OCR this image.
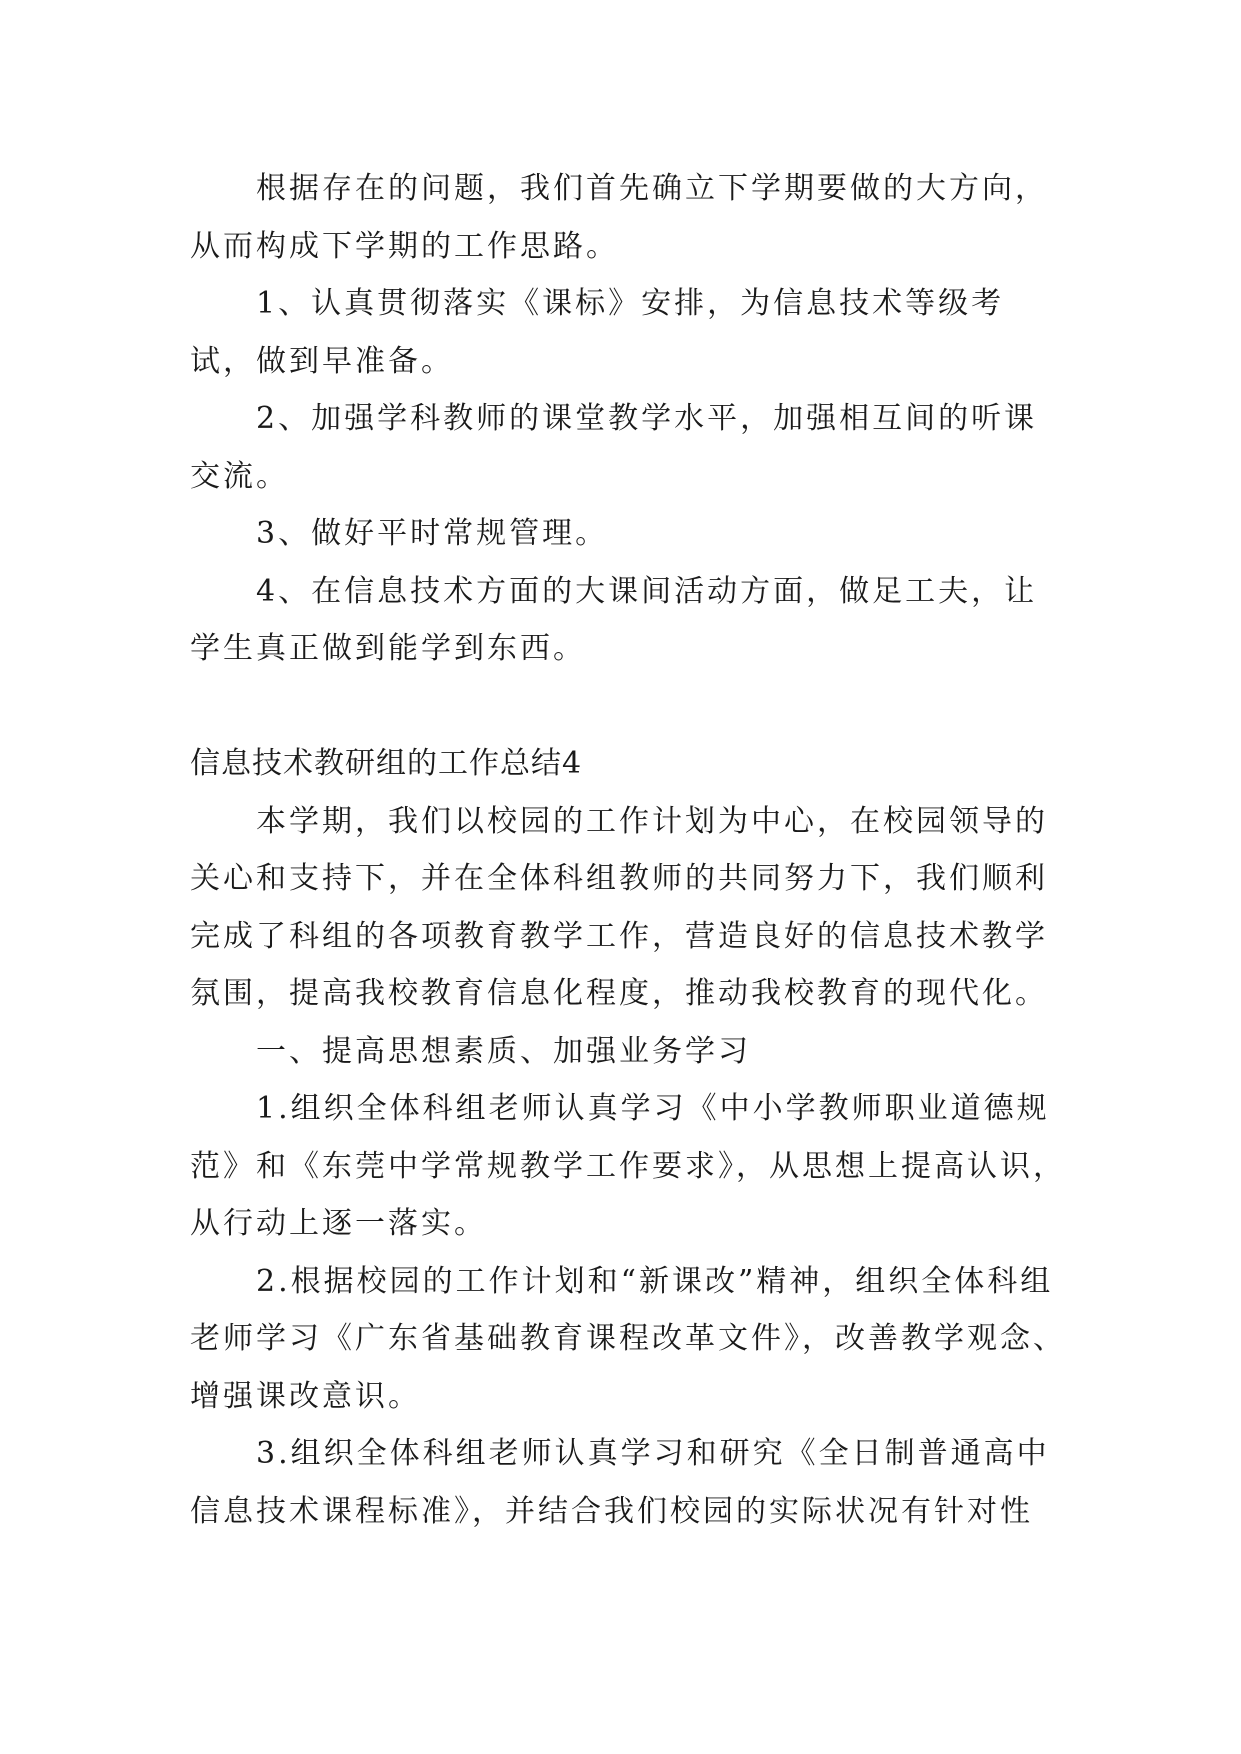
根据存在的问题，我们首先确立下学期要做的大方向，从而构成下学期的工作思路。

1、认真贯彻落实《课标》安排，为信息技术等级考试，做到早准备。

2、加强学科教师的课堂教学水平，加强相互间的听课交流。

3、做好平时常规管理。

4、在信息技术方面的大课间活动方面，做足工夫，让学生真正做到能学到东西。

信息技术教研组的工作总结4

本学期，我们以校园的工作计划为中心，在校园领导的关心和支持下，并在全体科组教师的共同努力下，我们顺利完成了科组的各项教育教学工作，营造良好的信息技术教学氛围，提高我校教育信息化程度，推动我校教育的现代化。

一、提高思想素质、加强业务学习

1.组织全体科组老师认真学习《中小学教师职业道德规范》和《东莞中学常规教学工作要求》，从思想上提高认识，从行动上逐一落实。

2.根据校园的工作计划和“新课改”精神，组织全体科组老师学习《广东省基础教育课程改革文件》，改善教学观念、增强课改意识。

3.组织全体科组老师认真学习和研究《全日制普通高中信息技术课程标准》，并结合我们校园的实际状况有针对性
